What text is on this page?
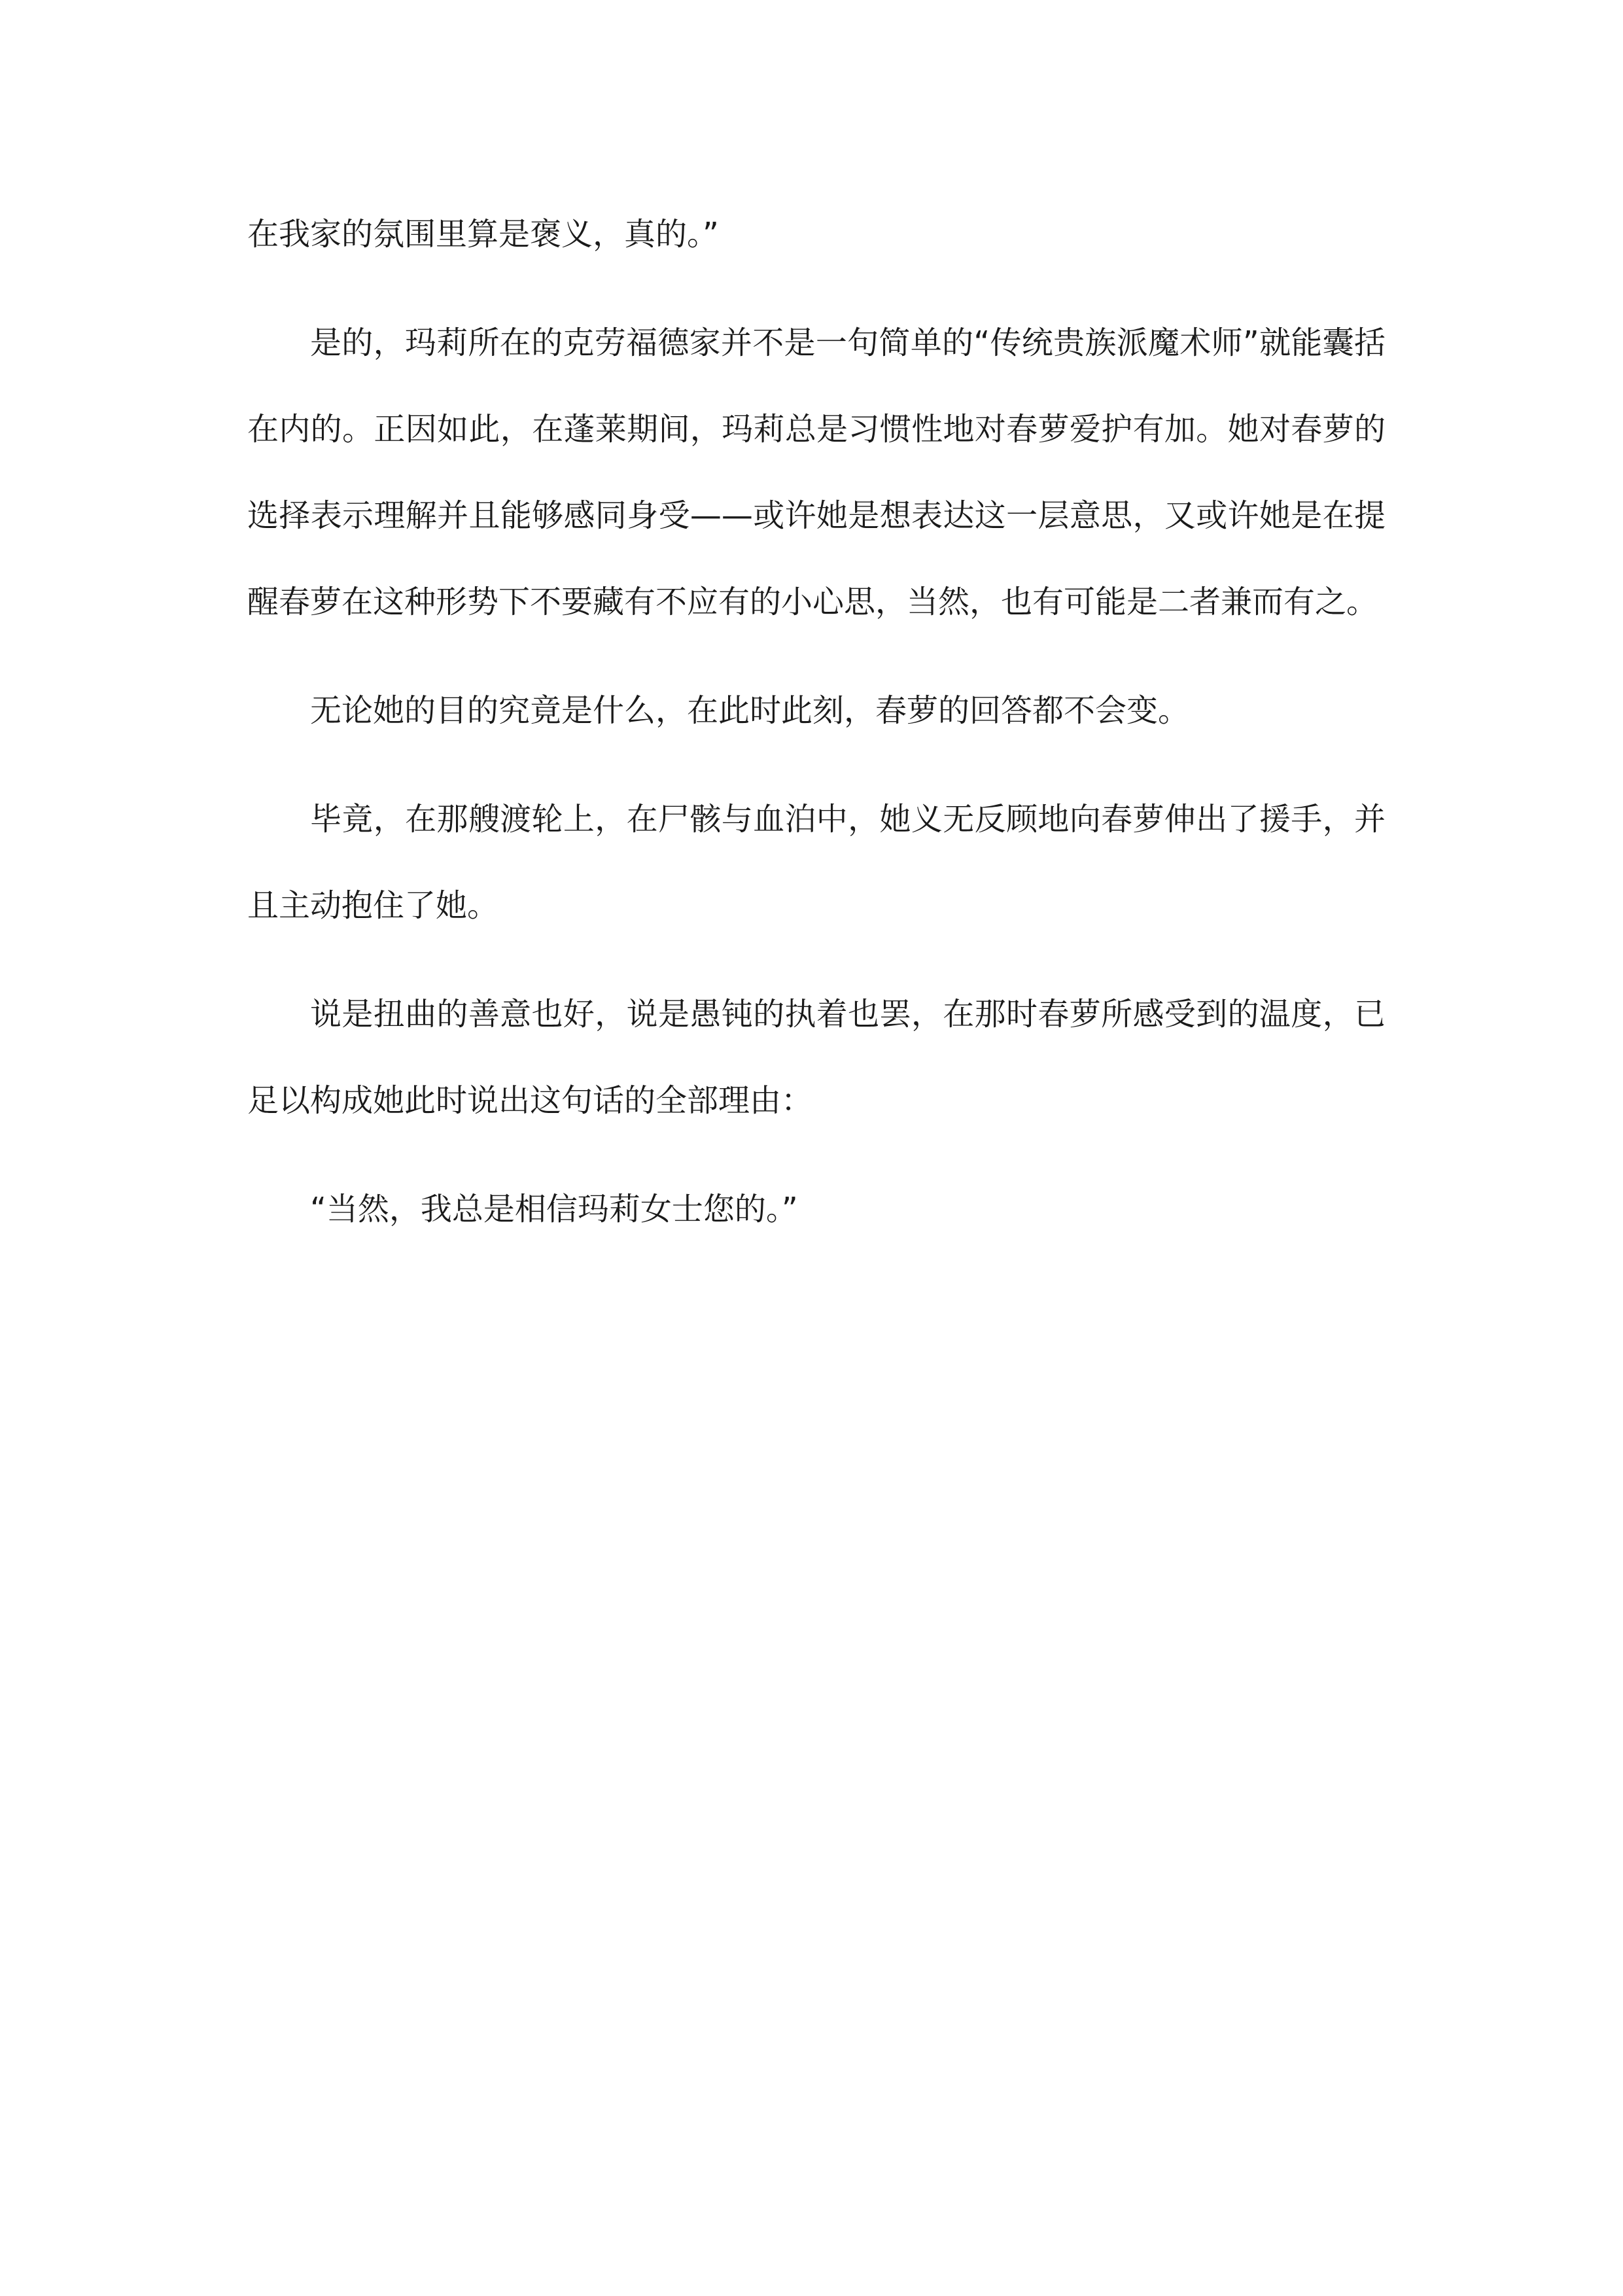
在我家的氛围里算是褒义，真的。”

是的，玛莉所在的克劳福德家并不是一句简单的“传统贵族派魔术师”就能囊括在内的。正因如此，在蓬莱期间，玛莉总是习惯性地对春萝爱护有加。她对春萝的选择表示理解并且能够感同身受——或许她是想表达这一层意思，又或许她是在提醒春萝在这种形势下不要藏有不应有的小心思，当然，也有可能是二者兼而有之。

无论她的目的究竟是什么，在此时此刻，春萝的回答都不会变。

毕竟，在那艘渡轮上，在尸骸与血泊中，她义无反顾地向春萝伸出了援手，并且主动抱住了她。

说是扭曲的善意也好，说是愚钝的执着也罢，在那时春萝所感受到的温度，已足以构成她此时说出这句话的全部理由：

“当然，我总是相信玛莉女士您的。”
